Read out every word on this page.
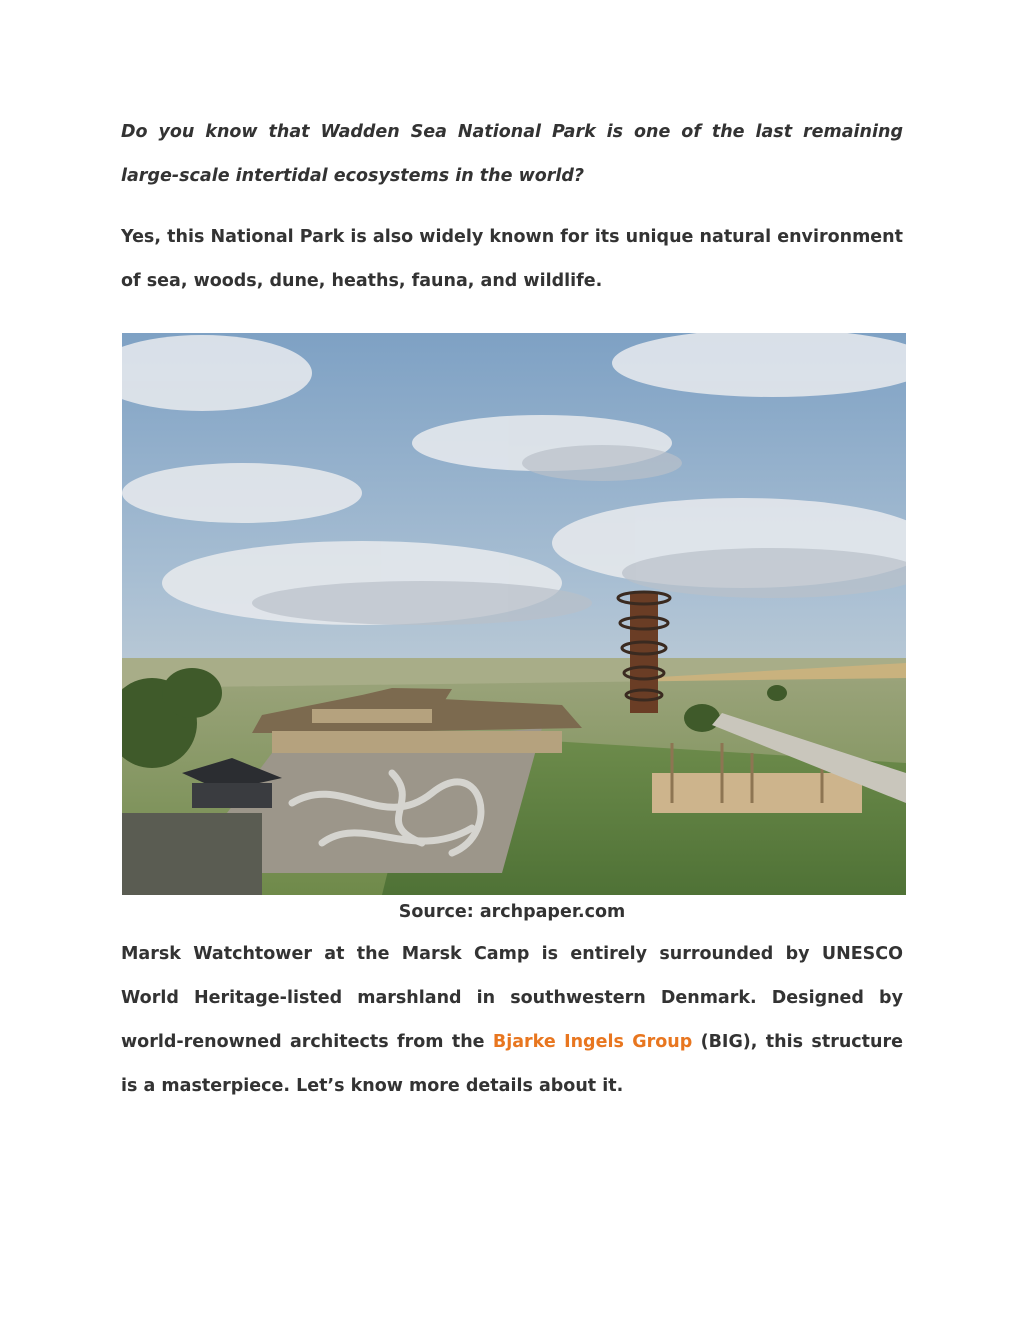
Do you know that Wadden Sea National Park is one of the last remaining large-scale intertidal ecosystems in the world?

Yes, this National Park is also widely known for its unique natural environment of sea, woods, dune, heaths, fauna, and wildlife.

Source: archpaper.com

Marsk Watchtower at the Marsk Camp is entirely surrounded by UNESCO World Heritage-listed marshland in southwestern Denmark. Designed by world-renowned architects from the Bjarke Ingels Group (BIG), this structure is a masterpiece. Let’s know more details about it.
